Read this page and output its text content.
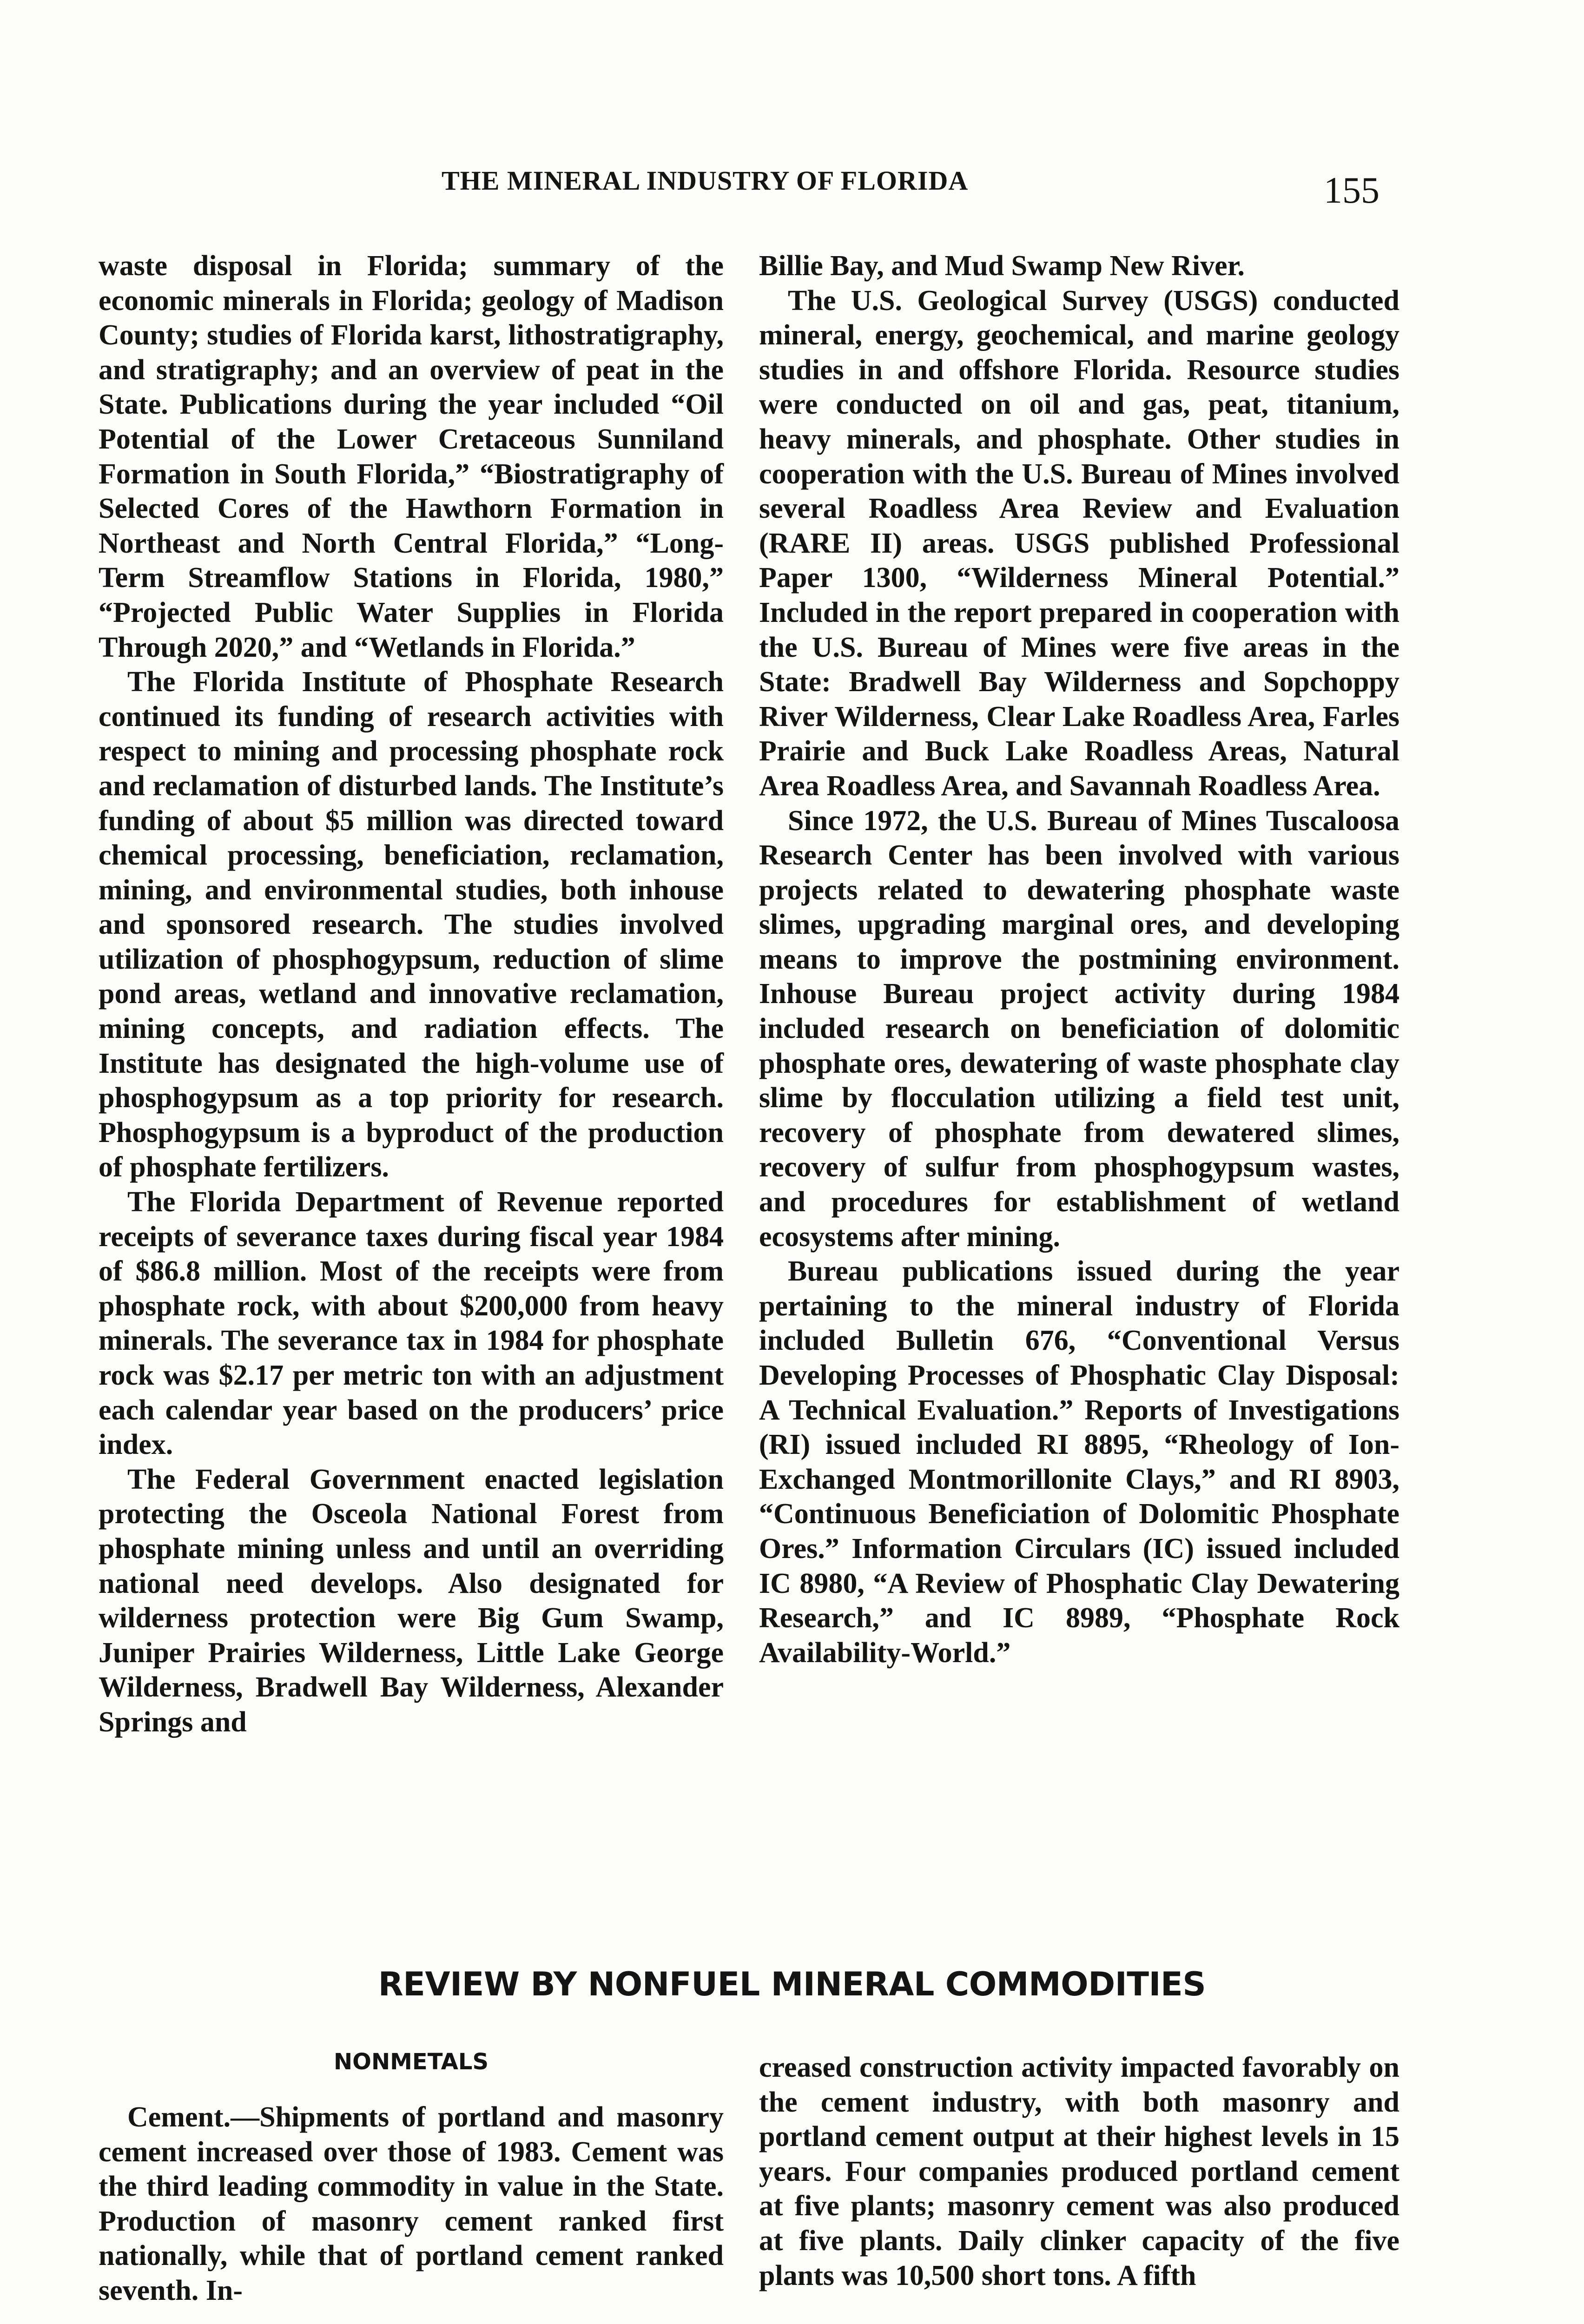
THE MINERAL INDUSTRY OF FLORIDA	155

waste disposal in Florida; summary of the economic minerals in Florida; geology of Madison County; studies of Florida karst, lithostratigraphy, and stratigraphy; and an overview of peat in the State. Publications during the year included “Oil Potential of the Lower Cretaceous Sunniland Formation in South Florida,” “Biostratigraphy of Selected Cores of the Hawthorn Formation in Northeast and North Central Florida,” “Long-Term Streamflow Stations in Florida, 1980,” “Projected Public Water Supplies in Florida Through 2020,” and “Wetlands in Florida.”

The Florida Institute of Phosphate Research continued its funding of research activities with respect to mining and processing phosphate rock and reclamation of disturbed lands. The Institute’s funding of about $5 million was directed toward chemical processing, beneficiation, reclamation, mining, and environmental studies, both inhouse and sponsored research. The studies involved utilization of phosphogypsum, reduction of slime pond areas, wetland and innovative reclamation, mining concepts, and radiation effects. The Institute has designated the high-volume use of phosphogypsum as a top priority for research. Phosphogypsum is a byproduct of the production of phosphate fertilizers.

The Florida Department of Revenue reported receipts of severance taxes during fiscal year 1984 of $86.8 million. Most of the receipts were from phosphate rock, with about $200,000 from heavy minerals. The severance tax in 1984 for phosphate rock was $2.17 per metric ton with an adjustment each calendar year based on the producers’ price index.

The Federal Government enacted legislation protecting the Osceola National Forest from phosphate mining unless and until an overriding national need develops. Also designated for wilderness protection were Big Gum Swamp, Juniper Prairies Wilderness, Little Lake George Wilderness, Bradwell Bay Wilderness, Alexander Springs and

Billie Bay, and Mud Swamp New River.

The U.S. Geological Survey (USGS) conducted mineral, energy, geochemical, and marine geology studies in and offshore Florida. Resource studies were conducted on oil and gas, peat, titanium, heavy minerals, and phosphate. Other studies in cooperation with the U.S. Bureau of Mines involved several Roadless Area Review and Evaluation (RARE II) areas. USGS published Professional Paper 1300, “Wilderness Mineral Potential.” Included in the report prepared in cooperation with the U.S. Bureau of Mines were five areas in the State: Bradwell Bay Wilderness and Sopchoppy River Wilderness, Clear Lake Roadless Area, Farles Prairie and Buck Lake Roadless Areas, Natural Area Roadless Area, and Savannah Roadless Area.

Since 1972, the U.S. Bureau of Mines Tuscaloosa Research Center has been involved with various projects related to dewatering phosphate waste slimes, upgrading marginal ores, and developing means to improve the postmining environment. Inhouse Bureau project activity during 1984 included research on beneficiation of dolomitic phosphate ores, dewatering of waste phosphate clay slime by flocculation utilizing a field test unit, recovery of phosphate from dewatered slimes, recovery of sulfur from phosphogypsum wastes, and procedures for establishment of wetland ecosystems after mining.

Bureau publications issued during the year pertaining to the mineral industry of Florida included Bulletin 676, “Conventional Versus Developing Processes of Phosphatic Clay Disposal: A Technical Evaluation.” Reports of Investigations (RI) issued included RI 8895, “Rheology of Ion-Exchanged Montmorillonite Clays,” and RI 8903, “Continuous Beneficiation of Dolomitic Phosphate Ores.” Information Circulars (IC) issued included IC 8980, “A Review of Phosphatic Clay Dewatering Research,” and IC 8989, “Phosphate Rock Availability-World.”

REVIEW BY NONFUEL MINERAL COMMODITIES
NONMETALS

Cement.—Shipments of portland and masonry cement increased over those of 1983. Cement was the third leading commodity in value in the State. Production of masonry cement ranked first nationally, while that of portland cement ranked seventh. In-

creased construction activity impacted favorably on the cement industry, with both masonry and portland cement output at their highest levels in 15 years. Four companies produced portland cement at five plants; masonry cement was also produced at five plants. Daily clinker capacity of the five plants was 10,500 short tons. A fifth
